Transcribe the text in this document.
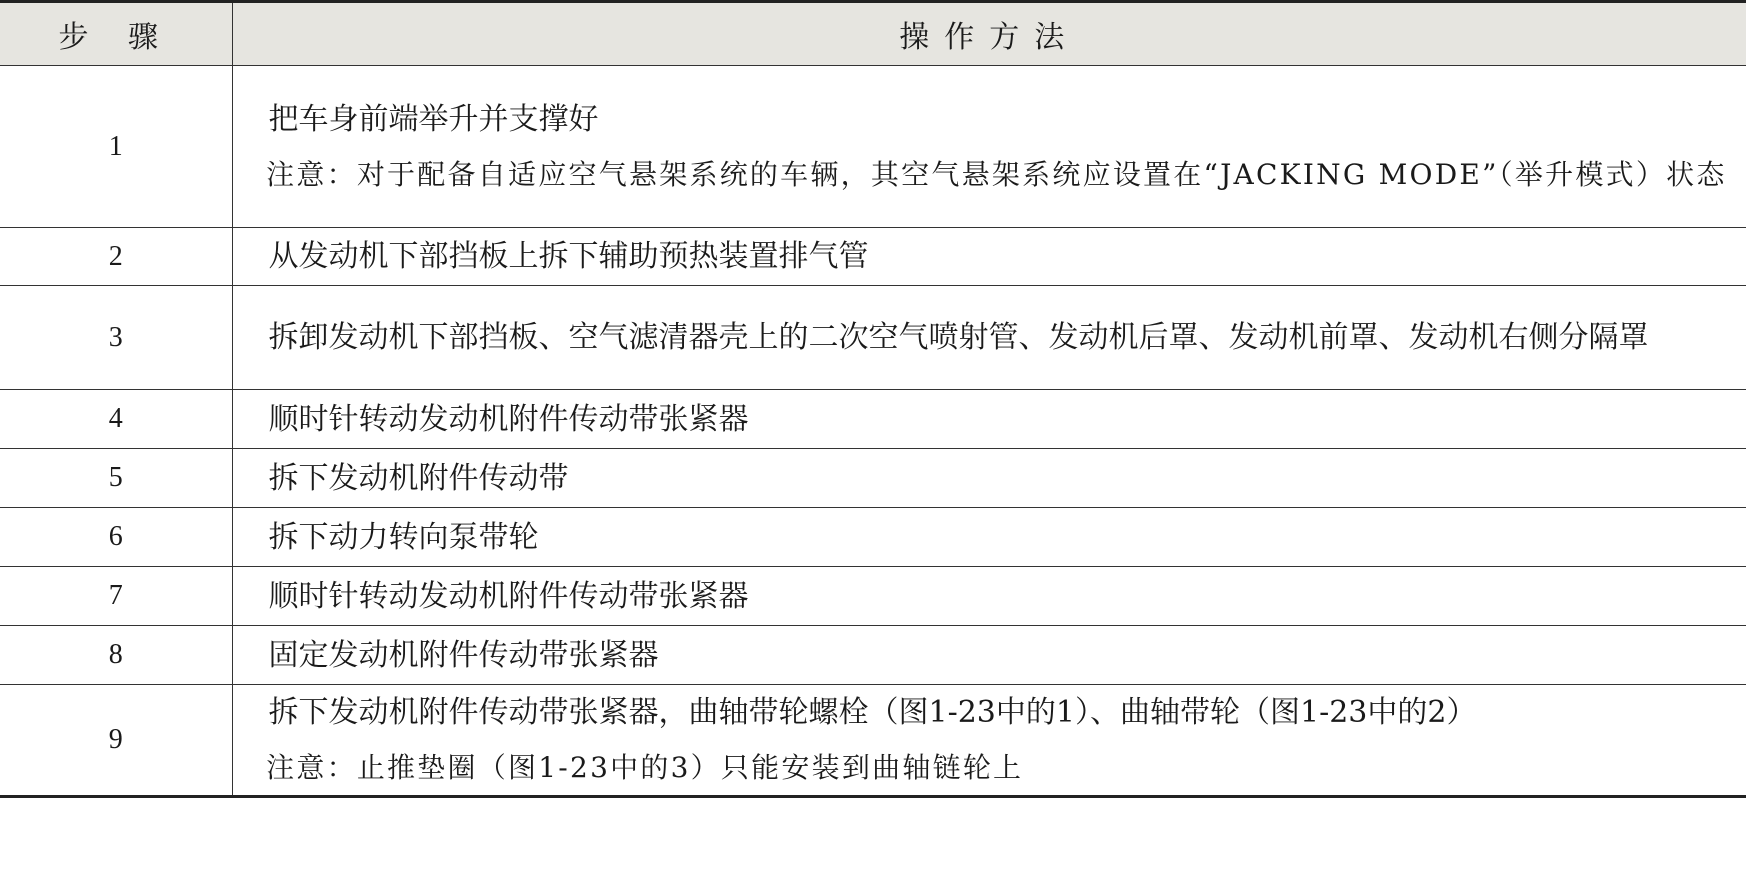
步 骤	操作方法
1	把车身前端举升并支撑好
注意：对于配备自适应空气悬架系统的车辆，其空气悬架系统应设置在“JACKING MODE”（举升模式）状态

2	从发动机下部挡板上拆下辅助预热装置排气管

3	拆卸发动机下部挡板、空气滤清器壳上的二次空气喷射管、发动机后罩、发动机前罩、发动机右侧分隔罩

4	顺时针转动发动机附件传动带张紧器

5	拆下发动机附件传动带

6	拆下动力转向泵带轮

7	顺时针转动发动机附件传动带张紧器

8	固定发动机附件传动带张紧器

9	拆下发动机附件传动带张紧器，曲轴带轮螺栓（图1-23中的1）、曲轴带轮（图1-23中的2）
注意：止推垫圈（图1-23中的3）只能安装到曲轴链轮上
